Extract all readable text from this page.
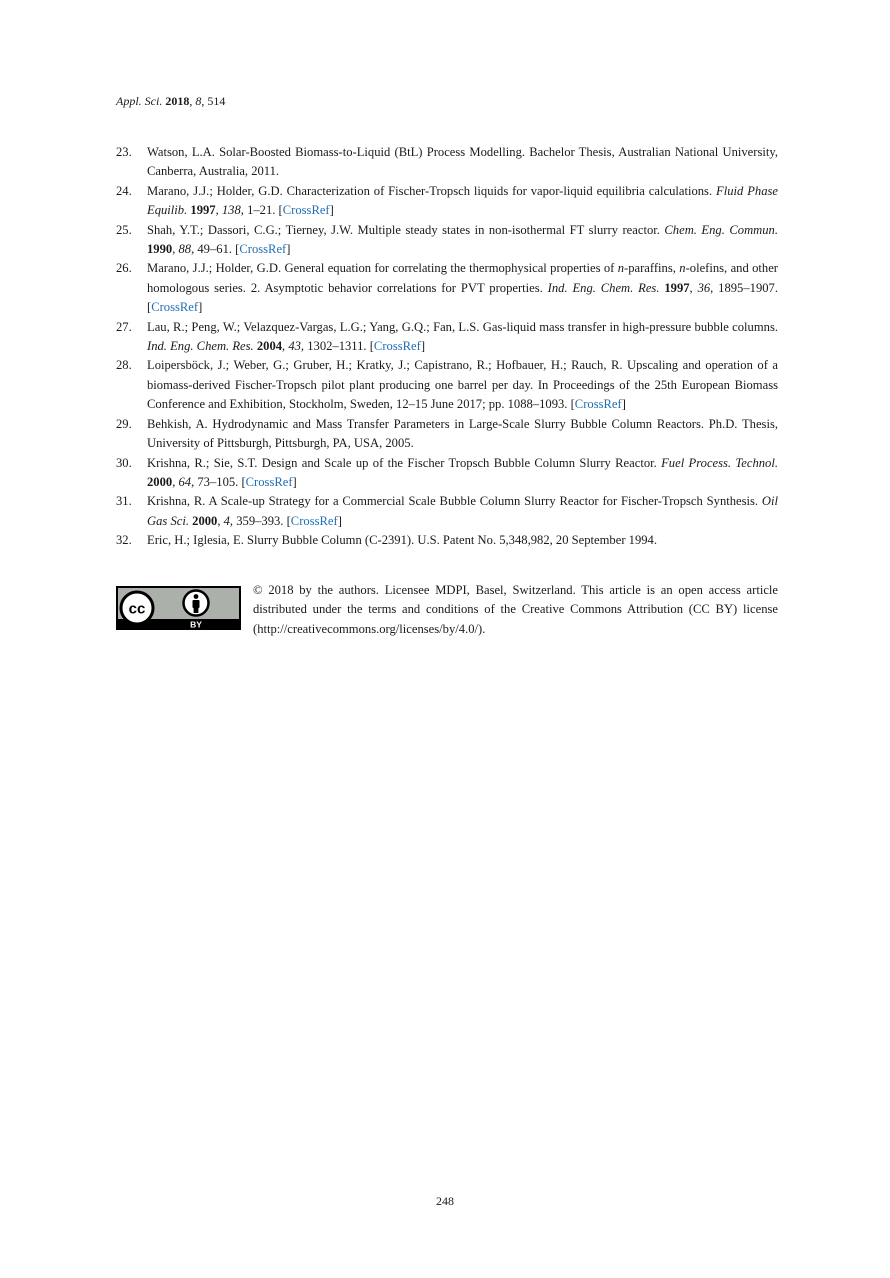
Appl. Sci. 2018, 8, 514
23. Watson, L.A. Solar-Boosted Biomass-to-Liquid (BtL) Process Modelling. Bachelor Thesis, Australian National University, Canberra, Australia, 2011.
24. Marano, J.J.; Holder, G.D. Characterization of Fischer-Tropsch liquids for vapor-liquid equilibria calculations. Fluid Phase Equilib. 1997, 138, 1–21. [CrossRef]
25. Shah, Y.T.; Dassori, C.G.; Tierney, J.W. Multiple steady states in non-isothermal FT slurry reactor. Chem. Eng. Commun. 1990, 88, 49–61. [CrossRef]
26. Marano, J.J.; Holder, G.D. General equation for correlating the thermophysical properties of n-paraffins, n-olefins, and other homologous series. 2. Asymptotic behavior correlations for PVT properties. Ind. Eng. Chem. Res. 1997, 36, 1895–1907. [CrossRef]
27. Lau, R.; Peng, W.; Velazquez-Vargas, L.G.; Yang, G.Q.; Fan, L.S. Gas-liquid mass transfer in high-pressure bubble columns. Ind. Eng. Chem. Res. 2004, 43, 1302–1311. [CrossRef]
28. Loipersböck, J.; Weber, G.; Gruber, H.; Kratky, J.; Capistrano, R.; Hofbauer, H.; Rauch, R. Upscaling and operation of a biomass-derived Fischer-Tropsch pilot plant producing one barrel per day. In Proceedings of the 25th European Biomass Conference and Exhibition, Stockholm, Sweden, 12–15 June 2017; pp. 1088–1093. [CrossRef]
29. Behkish, A. Hydrodynamic and Mass Transfer Parameters in Large-Scale Slurry Bubble Column Reactors. Ph.D. Thesis, University of Pittsburgh, Pittsburgh, PA, USA, 2005.
30. Krishna, R.; Sie, S.T. Design and Scale up of the Fischer Tropsch Bubble Column Slurry Reactor. Fuel Process. Technol. 2000, 64, 73–105. [CrossRef]
31. Krishna, R. A Scale-up Strategy for a Commercial Scale Bubble Column Slurry Reactor for Fischer-Tropsch Synthesis. Oil Gas Sci. 2000, 4, 359–393. [CrossRef]
32. Eric, H.; Iglesia, E. Slurry Bubble Column (C-2391). U.S. Patent No. 5,348,982, 20 September 1994.
cc
BY
© 2018 by the authors. Licensee MDPI, Basel, Switzerland. This article is an open access article distributed under the terms and conditions of the Creative Commons Attribution (CC BY) license (http://creativecommons.org/licenses/by/4.0/).
248
